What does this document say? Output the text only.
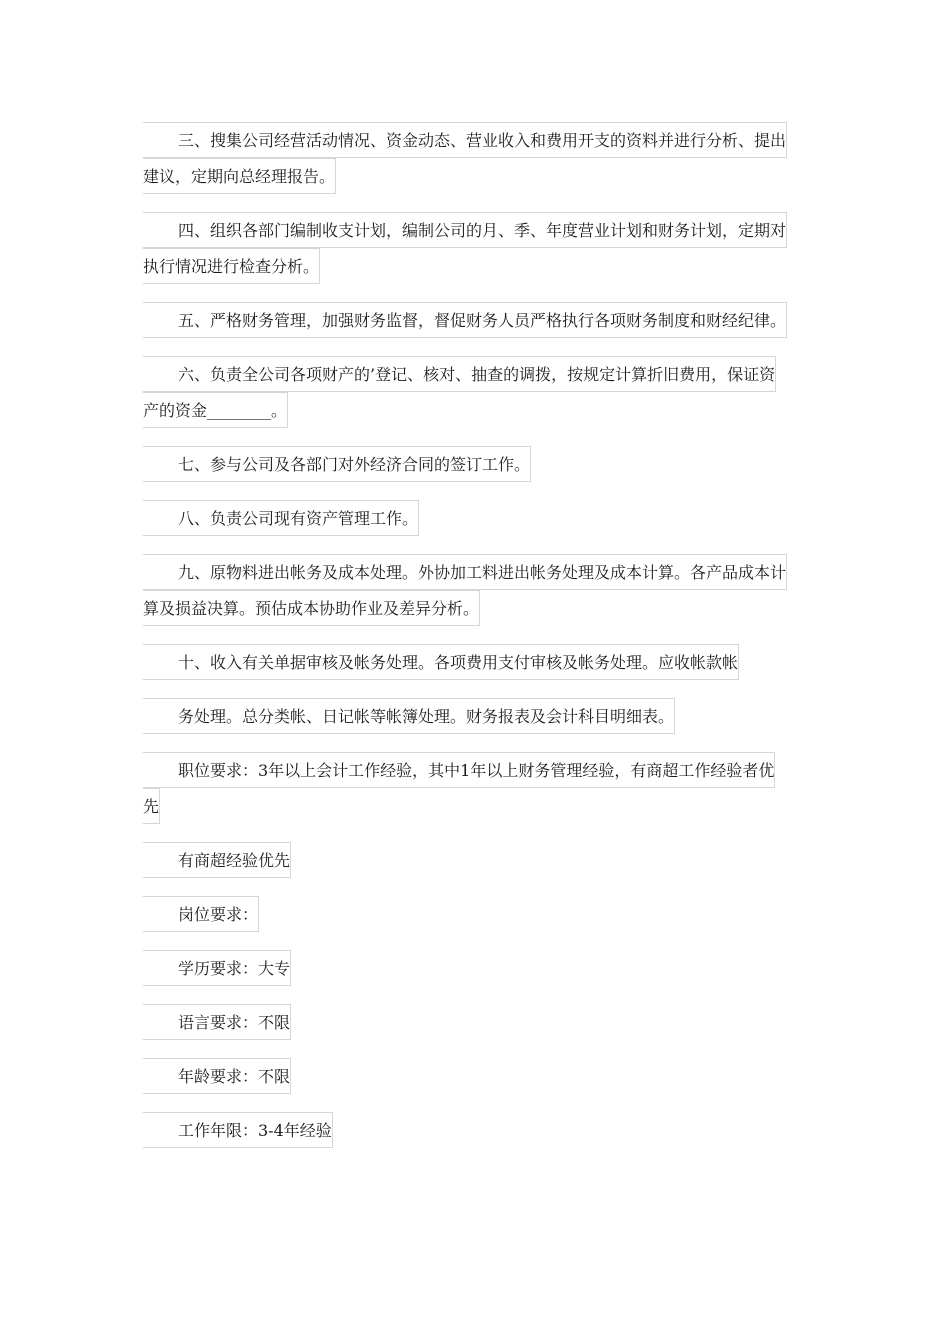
三、搜集公司经营活动情况、资金动态、营业收入和费用开支的资料并进行分析、提出
建议，定期向总经理报告。
四、组织各部门编制收支计划，编制公司的月、季、年度营业计划和财务计划，定期对
执行情况进行检查分析。
五、严格财务管理，加强财务监督，督促财务人员严格执行各项财务制度和财经纪律。
六、负责全公司各项财产的’登记、核对、抽查的调拨，按规定计算折旧费用，保证资
产的资金________。
七、参与公司及各部门对外经济合同的签订工作。
八、负责公司现有资产管理工作。
九、原物料进出帐务及成本处理。外协加工料进出帐务处理及成本计算。各产品成本计
算及损益决算。预估成本协助作业及差异分析。
十、收入有关单据审核及帐务处理。各项费用支付审核及帐务处理。应收帐款帐
务处理。总分类帐、日记帐等帐簿处理。财务报表及会计科目明细表。
职位要求：3年以上会计工作经验，其中1年以上财务管理经验，有商超工作经验者优
先
有商超经验优先
岗位要求：
学历要求：大专
语言要求：不限
年龄要求：不限
工作年限：3-4年经验
